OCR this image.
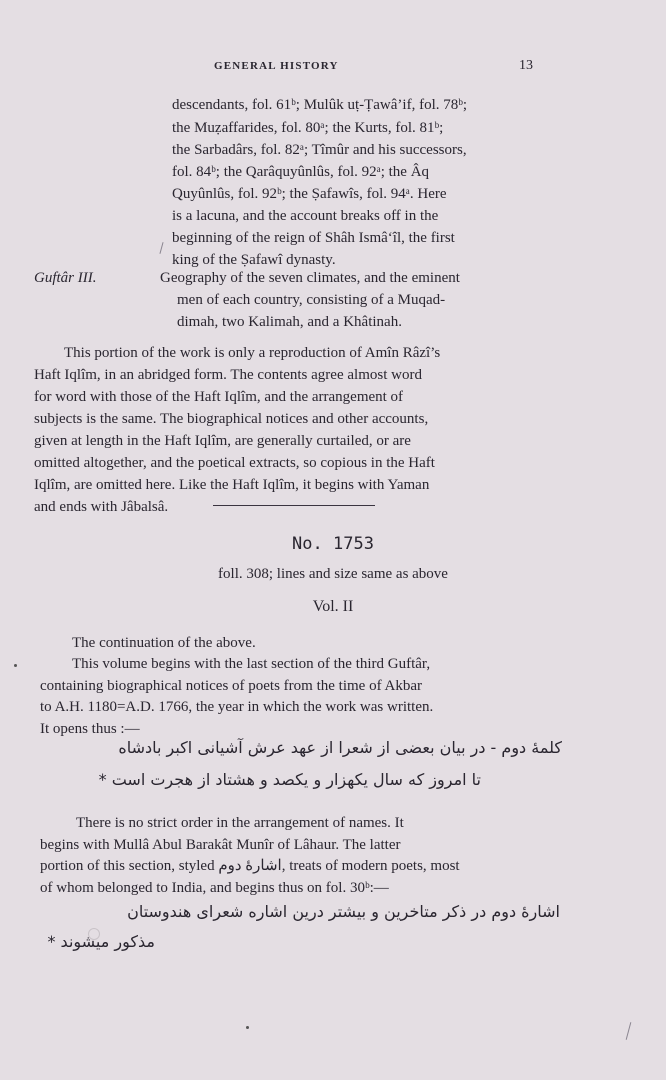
GENERAL HISTORY	13
descendants, fol. 61ᵇ; Mulûk uṭ-Ṭawâ’if, fol. 78ᵇ;
the Muẓaffarides, fol. 80ᵃ; the Kurts, fol. 81ᵇ;
the Sarbadârs, fol. 82ᵃ; Tîmûr and his successors,
fol. 84ᵇ; the Qarâquyûnlûs, fol. 92ᵃ; the Âq
Quyûnlûs, fol. 92ᵇ; the Ṣafawîs, fol. 94ᵃ. Here
is a lacuna, and the account breaks off in the
beginning of the reign of Shâh Ismâ‘îl, the first
king of the Ṣafawî dynasty.
Guftâr III.	Geography of the seven climates, and the eminent
men of each country, consisting of a Muqad-
dimah, two Kalimah, and a Khâtinah.
This portion of the work is only a reproduction of Amîn Râzî’s
Haft Iqlîm, in an abridged form. The contents agree almost word
for word with those of the Haft Iqlîm, and the arrangement of
subjects is the same. The biographical notices and other accounts,
given at length in the Haft Iqlîm, are generally curtailed, or are
omitted altogether, and the poetical extracts, so copious in the Haft
Iqlîm, are omitted here. Like the Haft Iqlîm, it begins with Yaman
and ends with Jâbalsâ.
No. 1753
foll. 308; lines and size same as above
Vol. II
The continuation of the above.
This volume begins with the last section of the third Guftâr,
containing biographical notices of poets from the time of Akbar
to A.H. 1180=A.D. 1766, the year in which the work was written.
It opens thus :—
کلمهٔ دوم - در بیان بعضی از شعرا از عهد عرش آشیانی اکبر بادشاه
تا امروز که سال یکهزار و یکصد و هشتاد از هجرت است *
There is no strict order in the arrangement of names. It
begins with Mullâ Abul Barakât Munîr of Lâhaur. The latter
portion of this section, styled اشارهٔ دوم, treats of modern poets, most
of whom belonged to India, and begins thus on fol. 30ᵇ:—
اشارهٔ دوم در ذکر متاخرین و بیشتر درین اشاره شعرای هندوستان
مذکور میشوند *
